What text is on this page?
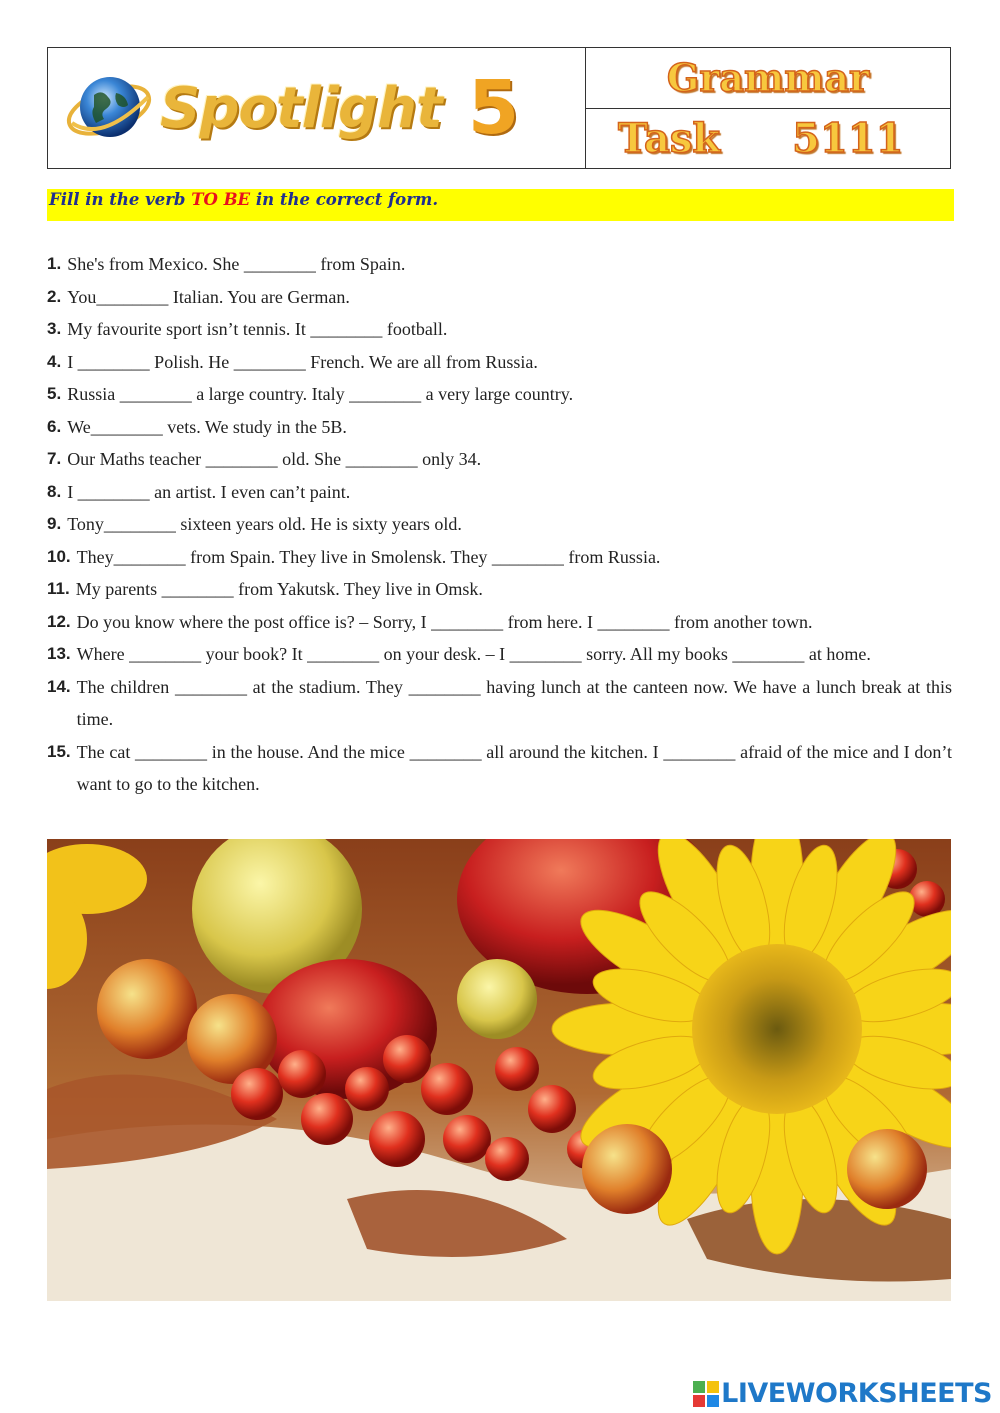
Spotlight 5	Grammar
Task 5111
Fill in the verb TO BE in the correct form.
1. She's from Mexico. She ________ from Spain.
2. You________ Italian. You are German.
3. My favourite sport isn’t tennis. It ________ football.
4. I ________ Polish. He ________ French. We are all from Russia.
5. Russia ________ a large country. Italy ________ a very large country.
6. We________ vets. We study in the 5B.
7. Our Maths teacher ________ old. She ________ only 34.
8. I ________ an artist. I even can’t paint.
9. Tony________ sixteen years old. He is sixty years old.
10. They________ from Spain. They live in Smolensk. They ________ from Russia.
11. My parents ________ from Yakutsk. They live in Omsk.
12. Do you know where the post office is? – Sorry, I ________ from here. I ________ from another town.
13. Where ________ your book? It ________ on your desk. – I ________ sorry. All my books ________ at home.
14. The children ________ at the stadium. They ________ having lunch at the canteen now. We have a lunch break at this time.
15. The cat ________ in the house. And the mice ________ all around the kitchen. I ________ afraid of the mice and I don’t want to go to the kitchen.
LIVEWORKSHEETS
